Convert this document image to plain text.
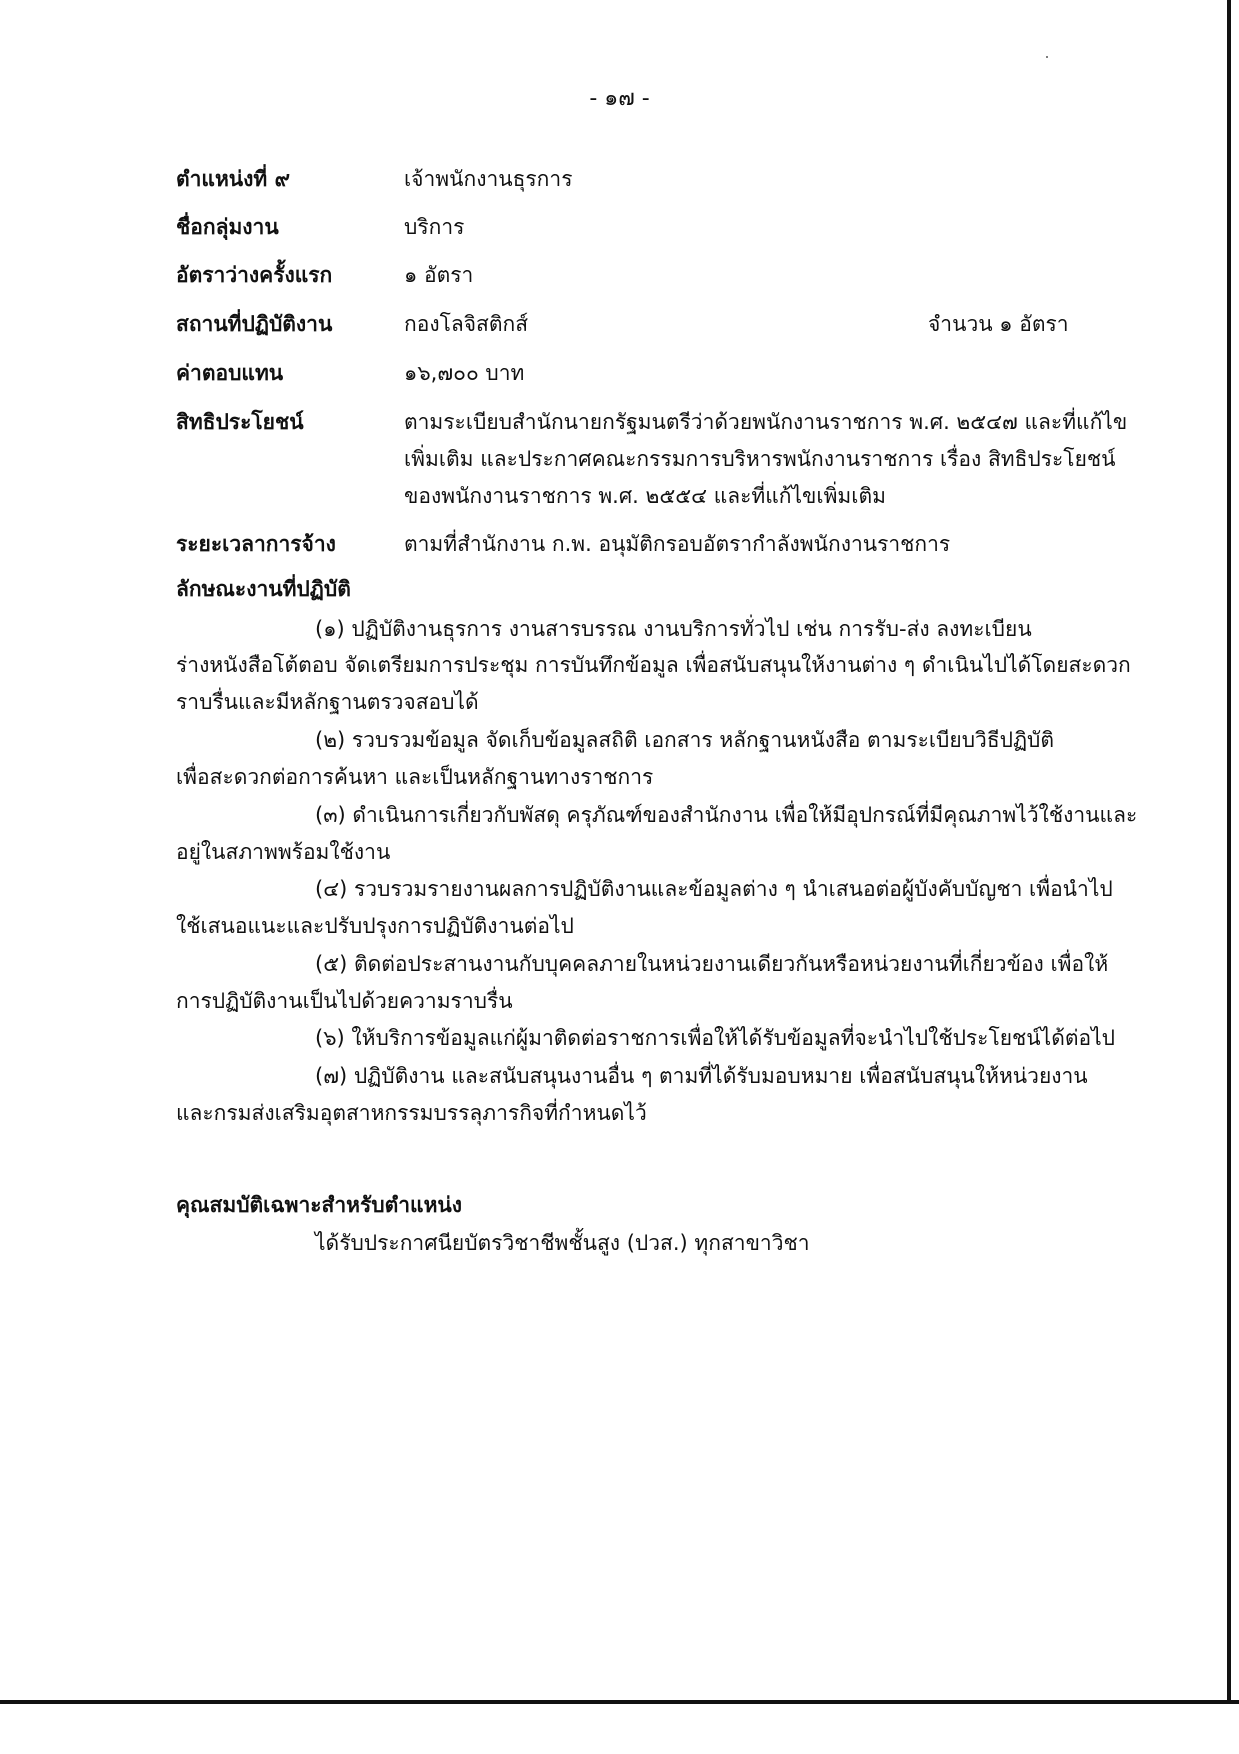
- ๑๗ -
ตำแหน่งที่ ๙	เจ้าพนักงานธุรการ
ชื่อกลุ่มงาน	บริการ
อัตราว่างครั้งแรก	๑ อัตรา
สถานที่ปฏิบัติงาน	กองโลจิสติกส์	จำนวน ๑ อัตรา
ค่าตอบแทน	๑๖,๗๐๐ บาท
สิทธิประโยชน์	ตามระเบียบสำนักนายกรัฐมนตรีว่าด้วยพนักงานราชการ พ.ศ. ๒๕๔๗ และที่แก้ไข
เพิ่มเติม และประกาศคณะกรรมการบริหารพนักงานราชการ เรื่อง สิทธิประโยชน์
ของพนักงานราชการ พ.ศ. ๒๕๕๔ และที่แก้ไขเพิ่มเติม
ระยะเวลาการจ้าง	ตามที่สำนักงาน ก.พ. อนุมัติกรอบอัตรากำลังพนักงานราชการ
ลักษณะงานที่ปฏิบัติ
(๑) ปฏิบัติงานธุรการ งานสารบรรณ งานบริการทั่วไป เช่น การรับ-ส่ง ลงทะเบียน
ร่างหนังสือโต้ตอบ จัดเตรียมการประชุม การบันทึกข้อมูล เพื่อสนับสนุนให้งานต่าง ๆ ดำเนินไปได้โดยสะดวก
ราบรื่นและมีหลักฐานตรวจสอบได้
(๒) รวบรวมข้อมูล จัดเก็บข้อมูลสถิติ เอกสาร หลักฐานหนังสือ ตามระเบียบวิธีปฏิบัติ
เพื่อสะดวกต่อการค้นหา และเป็นหลักฐานทางราชการ
(๓) ดำเนินการเกี่ยวกับพัสดุ ครุภัณฑ์ของสำนักงาน เพื่อให้มีอุปกรณ์ที่มีคุณภาพไว้ใช้งานและ
อยู่ในสภาพพร้อมใช้งาน
(๔) รวบรวมรายงานผลการปฏิบัติงานและข้อมูลต่าง ๆ นำเสนอต่อผู้บังคับบัญชา เพื่อนำไป
ใช้เสนอแนะและปรับปรุงการปฏิบัติงานต่อไป
(๕) ติดต่อประสานงานกับบุคคลภายในหน่วยงานเดียวกันหรือหน่วยงานที่เกี่ยวข้อง เพื่อให้
การปฏิบัติงานเป็นไปด้วยความราบรื่น
(๖) ให้บริการข้อมูลแก่ผู้มาติดต่อราชการเพื่อให้ได้รับข้อมูลที่จะนำไปใช้ประโยชน์ได้ต่อไป
(๗) ปฏิบัติงาน และสนับสนุนงานอื่น ๆ ตามที่ได้รับมอบหมาย เพื่อสนับสนุนให้หน่วยงาน
และกรมส่งเสริมอุตสาหกรรมบรรลุภารกิจที่กำหนดไว้
คุณสมบัติเฉพาะสำหรับตำแหน่ง
ได้รับประกาศนียบัตรวิชาชีพชั้นสูง (ปวส.) ทุกสาขาวิชา
